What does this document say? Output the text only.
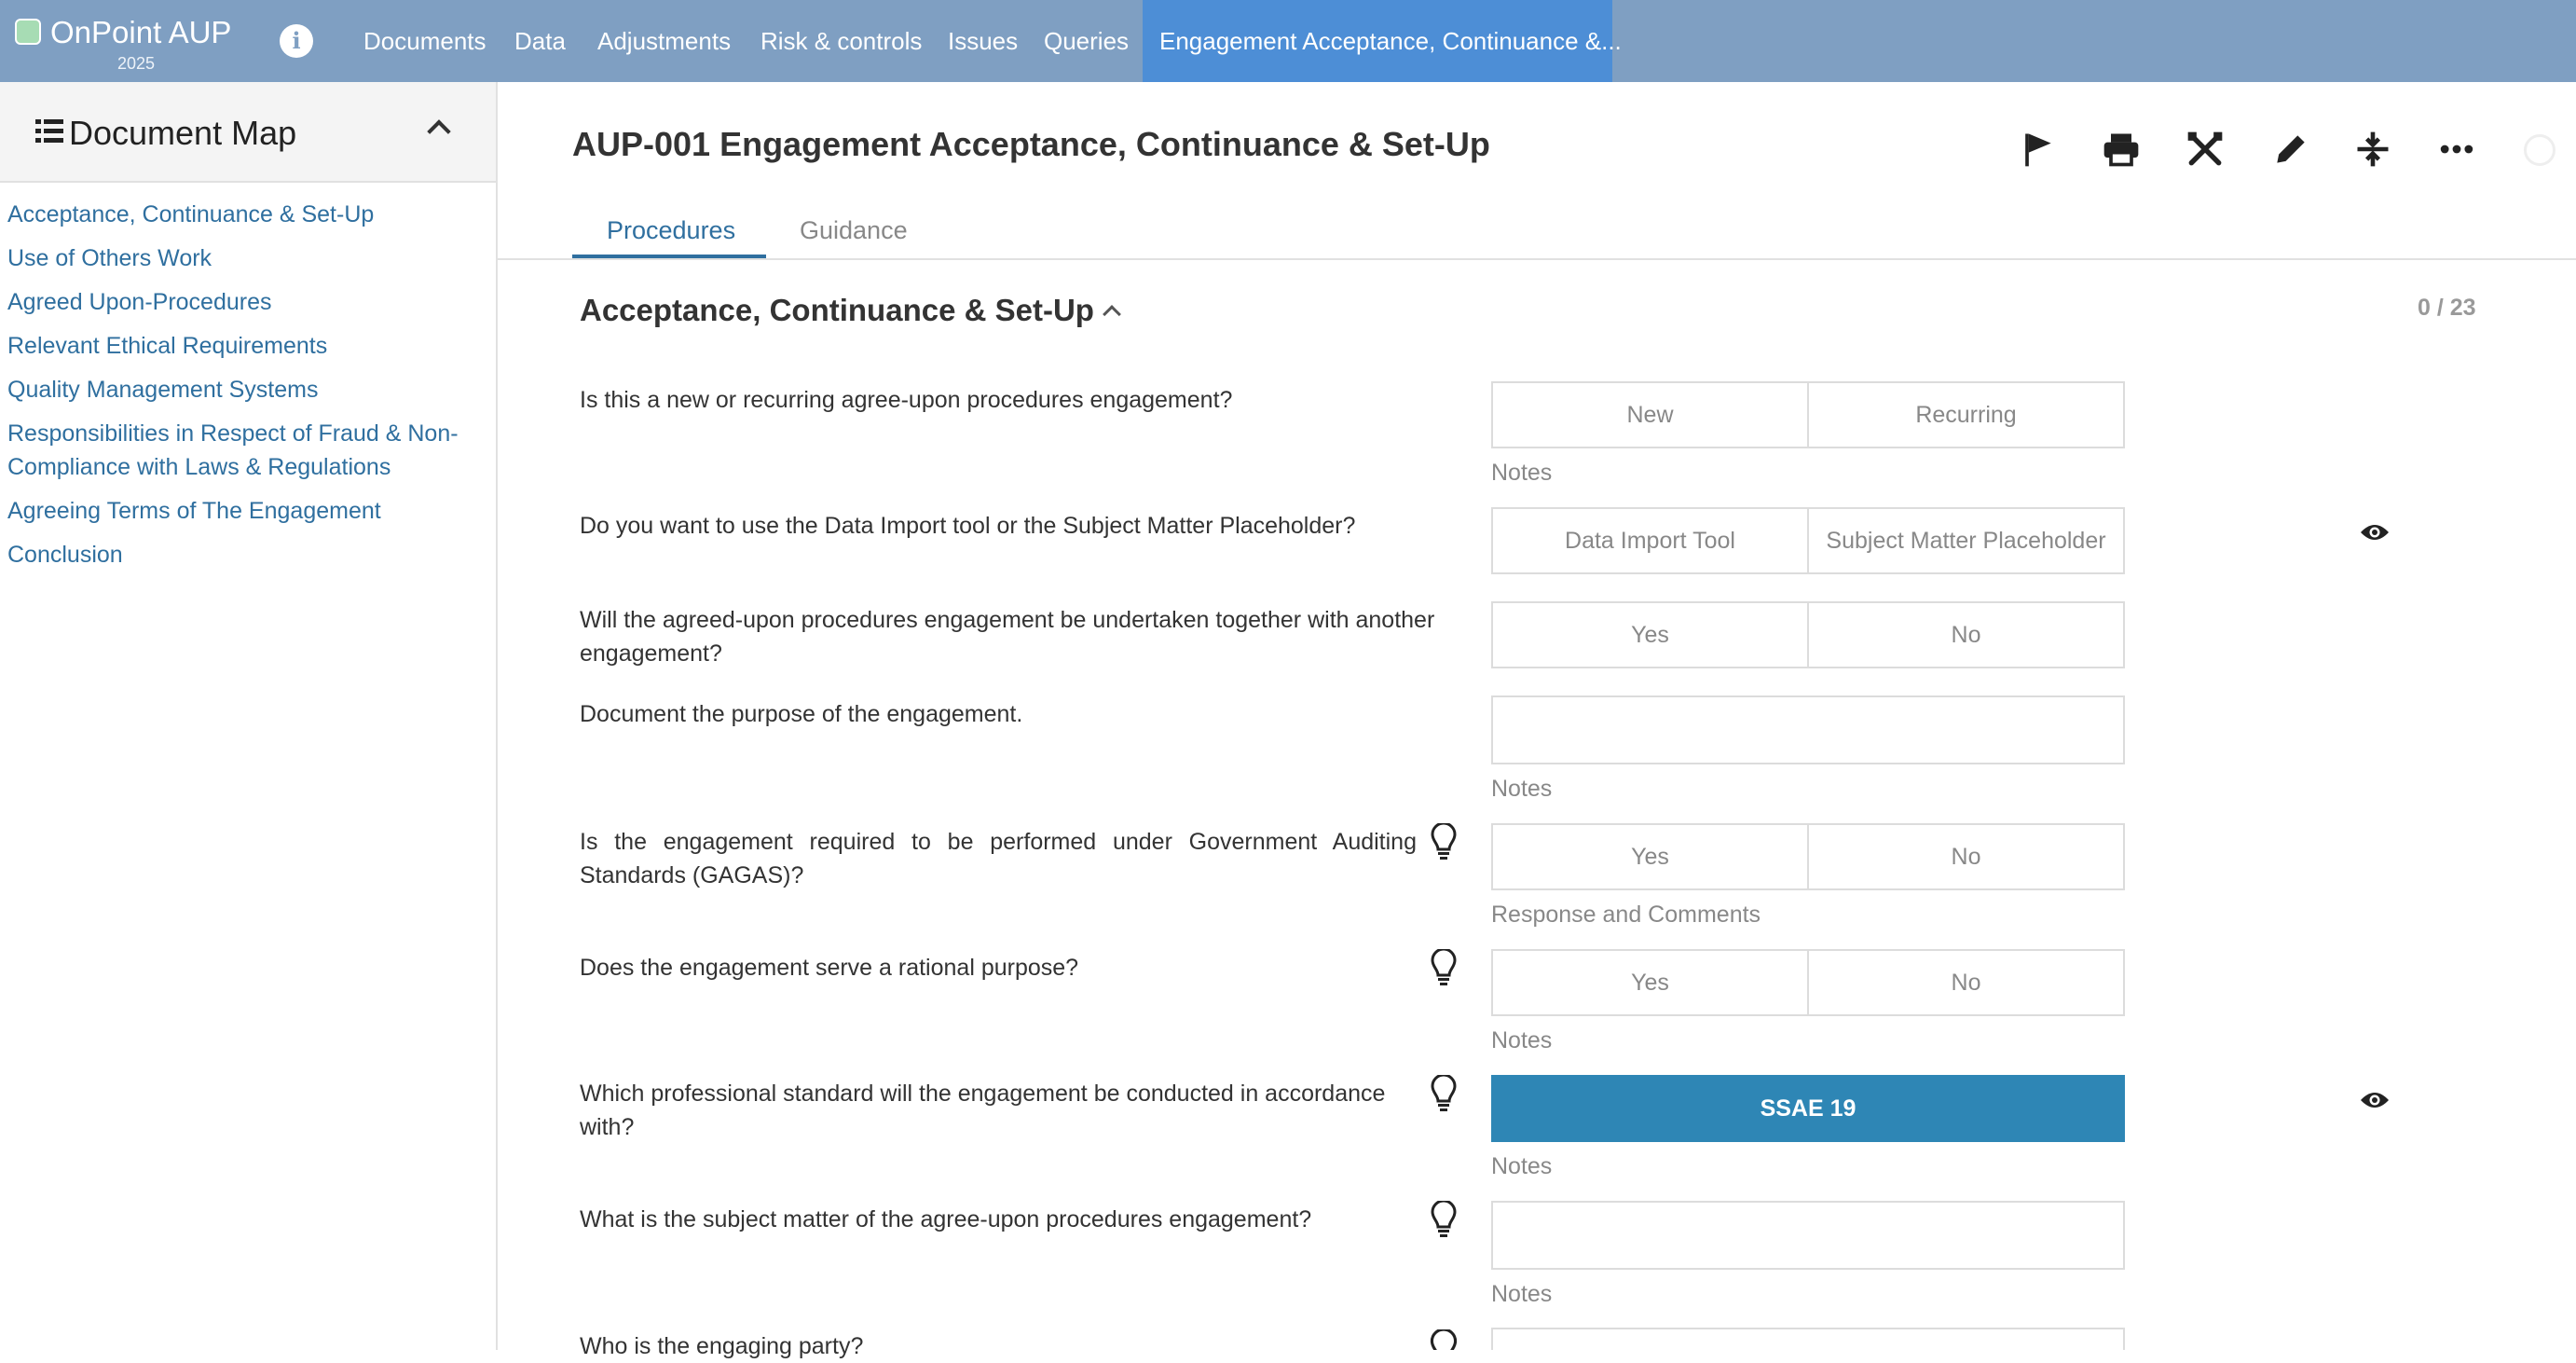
OnPoint AUP
2025
i	Documents Data Adjustments Risk & controls Issues Queries	Engagement Acceptance, Continuance &...
Document Map
Acceptance, Continuance & Set-Up
Use of Others Work
Agreed Upon-Procedures
Relevant Ethical Requirements
Quality Management Systems
Responsibilities in Respect of Fraud & Non-Compliance with Laws & Regulations
Agreeing Terms of The Engagement
Conclusion
AUP-001 Engagement Acceptance, Continuance & Set-Up
Procedures	Guidance
Acceptance, Continuance & Set-Up	0 / 23
Is this a new or recurring agree-upon procedures engagement?
New	Recurring
Notes
Do you want to use the Data Import tool or the Subject Matter Placeholder?
Data Import Tool	Subject Matter Placeholder
Will the agreed-upon procedures engagement be undertaken together with another engagement?
Yes	No
Document the purpose of the engagement.
Notes
Is the engagement required to be performed under Government Auditing Standards (GAGAS)?
Yes	No
Response and Comments
Does the engagement serve a rational purpose?
Yes	No
Notes
Which professional standard will the engagement be conducted in accordance with?
SSAE 19
Notes
What is the subject matter of the agree-upon procedures engagement?
Notes
Who is the engaging party?
